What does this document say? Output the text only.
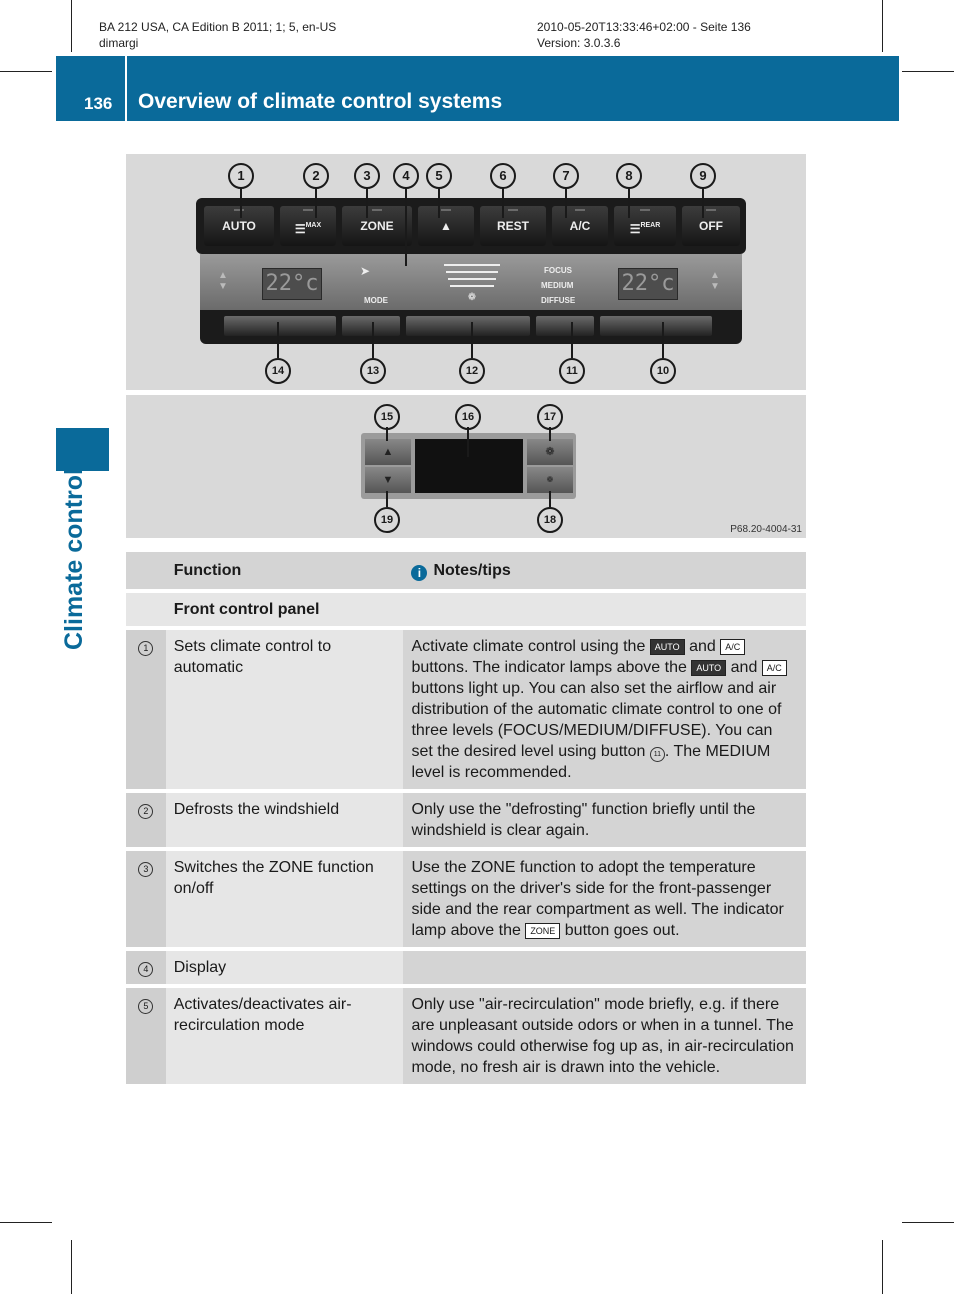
BA 212 USA, CA Edition B 2011; 1; 5, en-US
dimargi
2010-05-20T13:33:46+02:00 - Seite 136
Version: 3.0.3.6
136 Overview of climate control systems
Climate control
AUTO	☰$^{MAX}$	ZONE	▲	REST	A/C	☰$^{REAR}$	OFF
▲
▼ 22°c	➤
MODE	❁
FOCUS
MEDIUM
DIFFUSE
22°c	▲
▼
1	2	3	4	5	6	7	8	9
14	13	12	11	10
▲
▼
❁
❁
15	16	17
19	18
P68.20-4004-31
	Function	i Notes/tips
	Front control panel	
1	Sets climate control to automatic	Activate climate control using the AUTO and A/C buttons. The indicator lamps above the AUTO and A/C buttons light up. You can also set the airflow and air distribution of the automatic climate control to one of three levels (FOCUS/MEDIUM/DIFFUSE). You can set the desired level using button 11 . The MEDIUM level is recommended.
2	Defrosts the windshield	Only use the "defrosting" function briefly until the windshield is clear again.
3	Switches the ZONE function on/off	Use the ZONE function to adopt the temperature settings on the driver's side for the front-passenger side and the rear compartment as well. The indicator lamp above the ZONE button goes out.
4	Display	
5	Activates/deactivates air-recirculation mode	Only use "air-recirculation" mode briefly, e.g. if there are unpleasant outside odors or when in a tunnel. The windows could otherwise fog up as, in air-recirculation mode, no fresh air is drawn into the vehicle.
